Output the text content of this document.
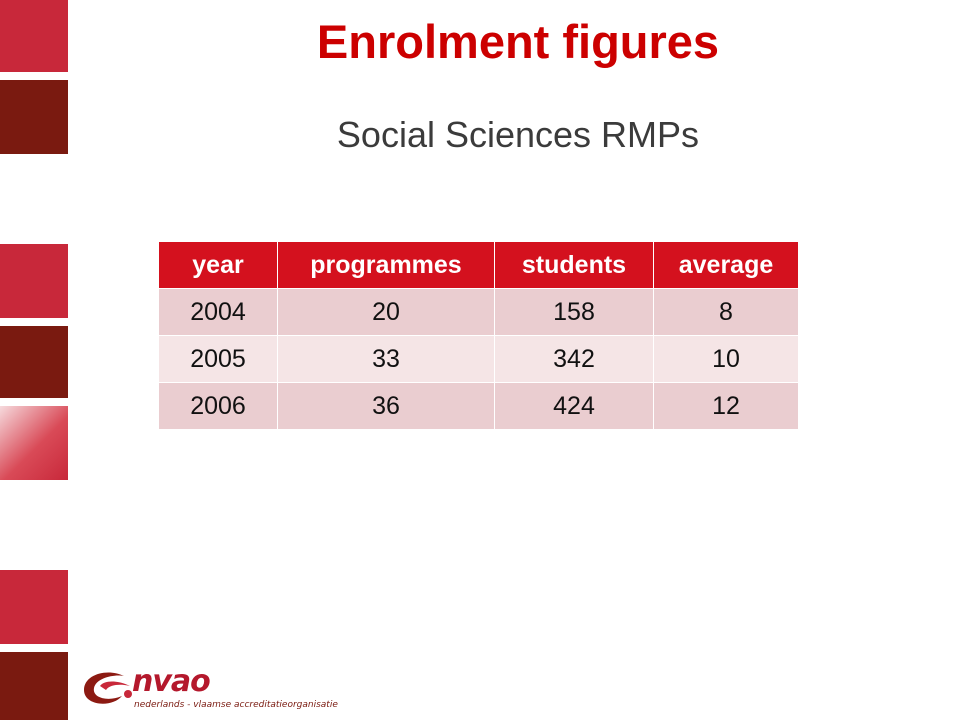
Enrolment figures
Social Sciences RMPs
year	programmes	students	average
2004	20	158	8
2005	33	342	10
2006	36	424	12
nvao
nederlands - vlaamse accreditatieorganisatie
